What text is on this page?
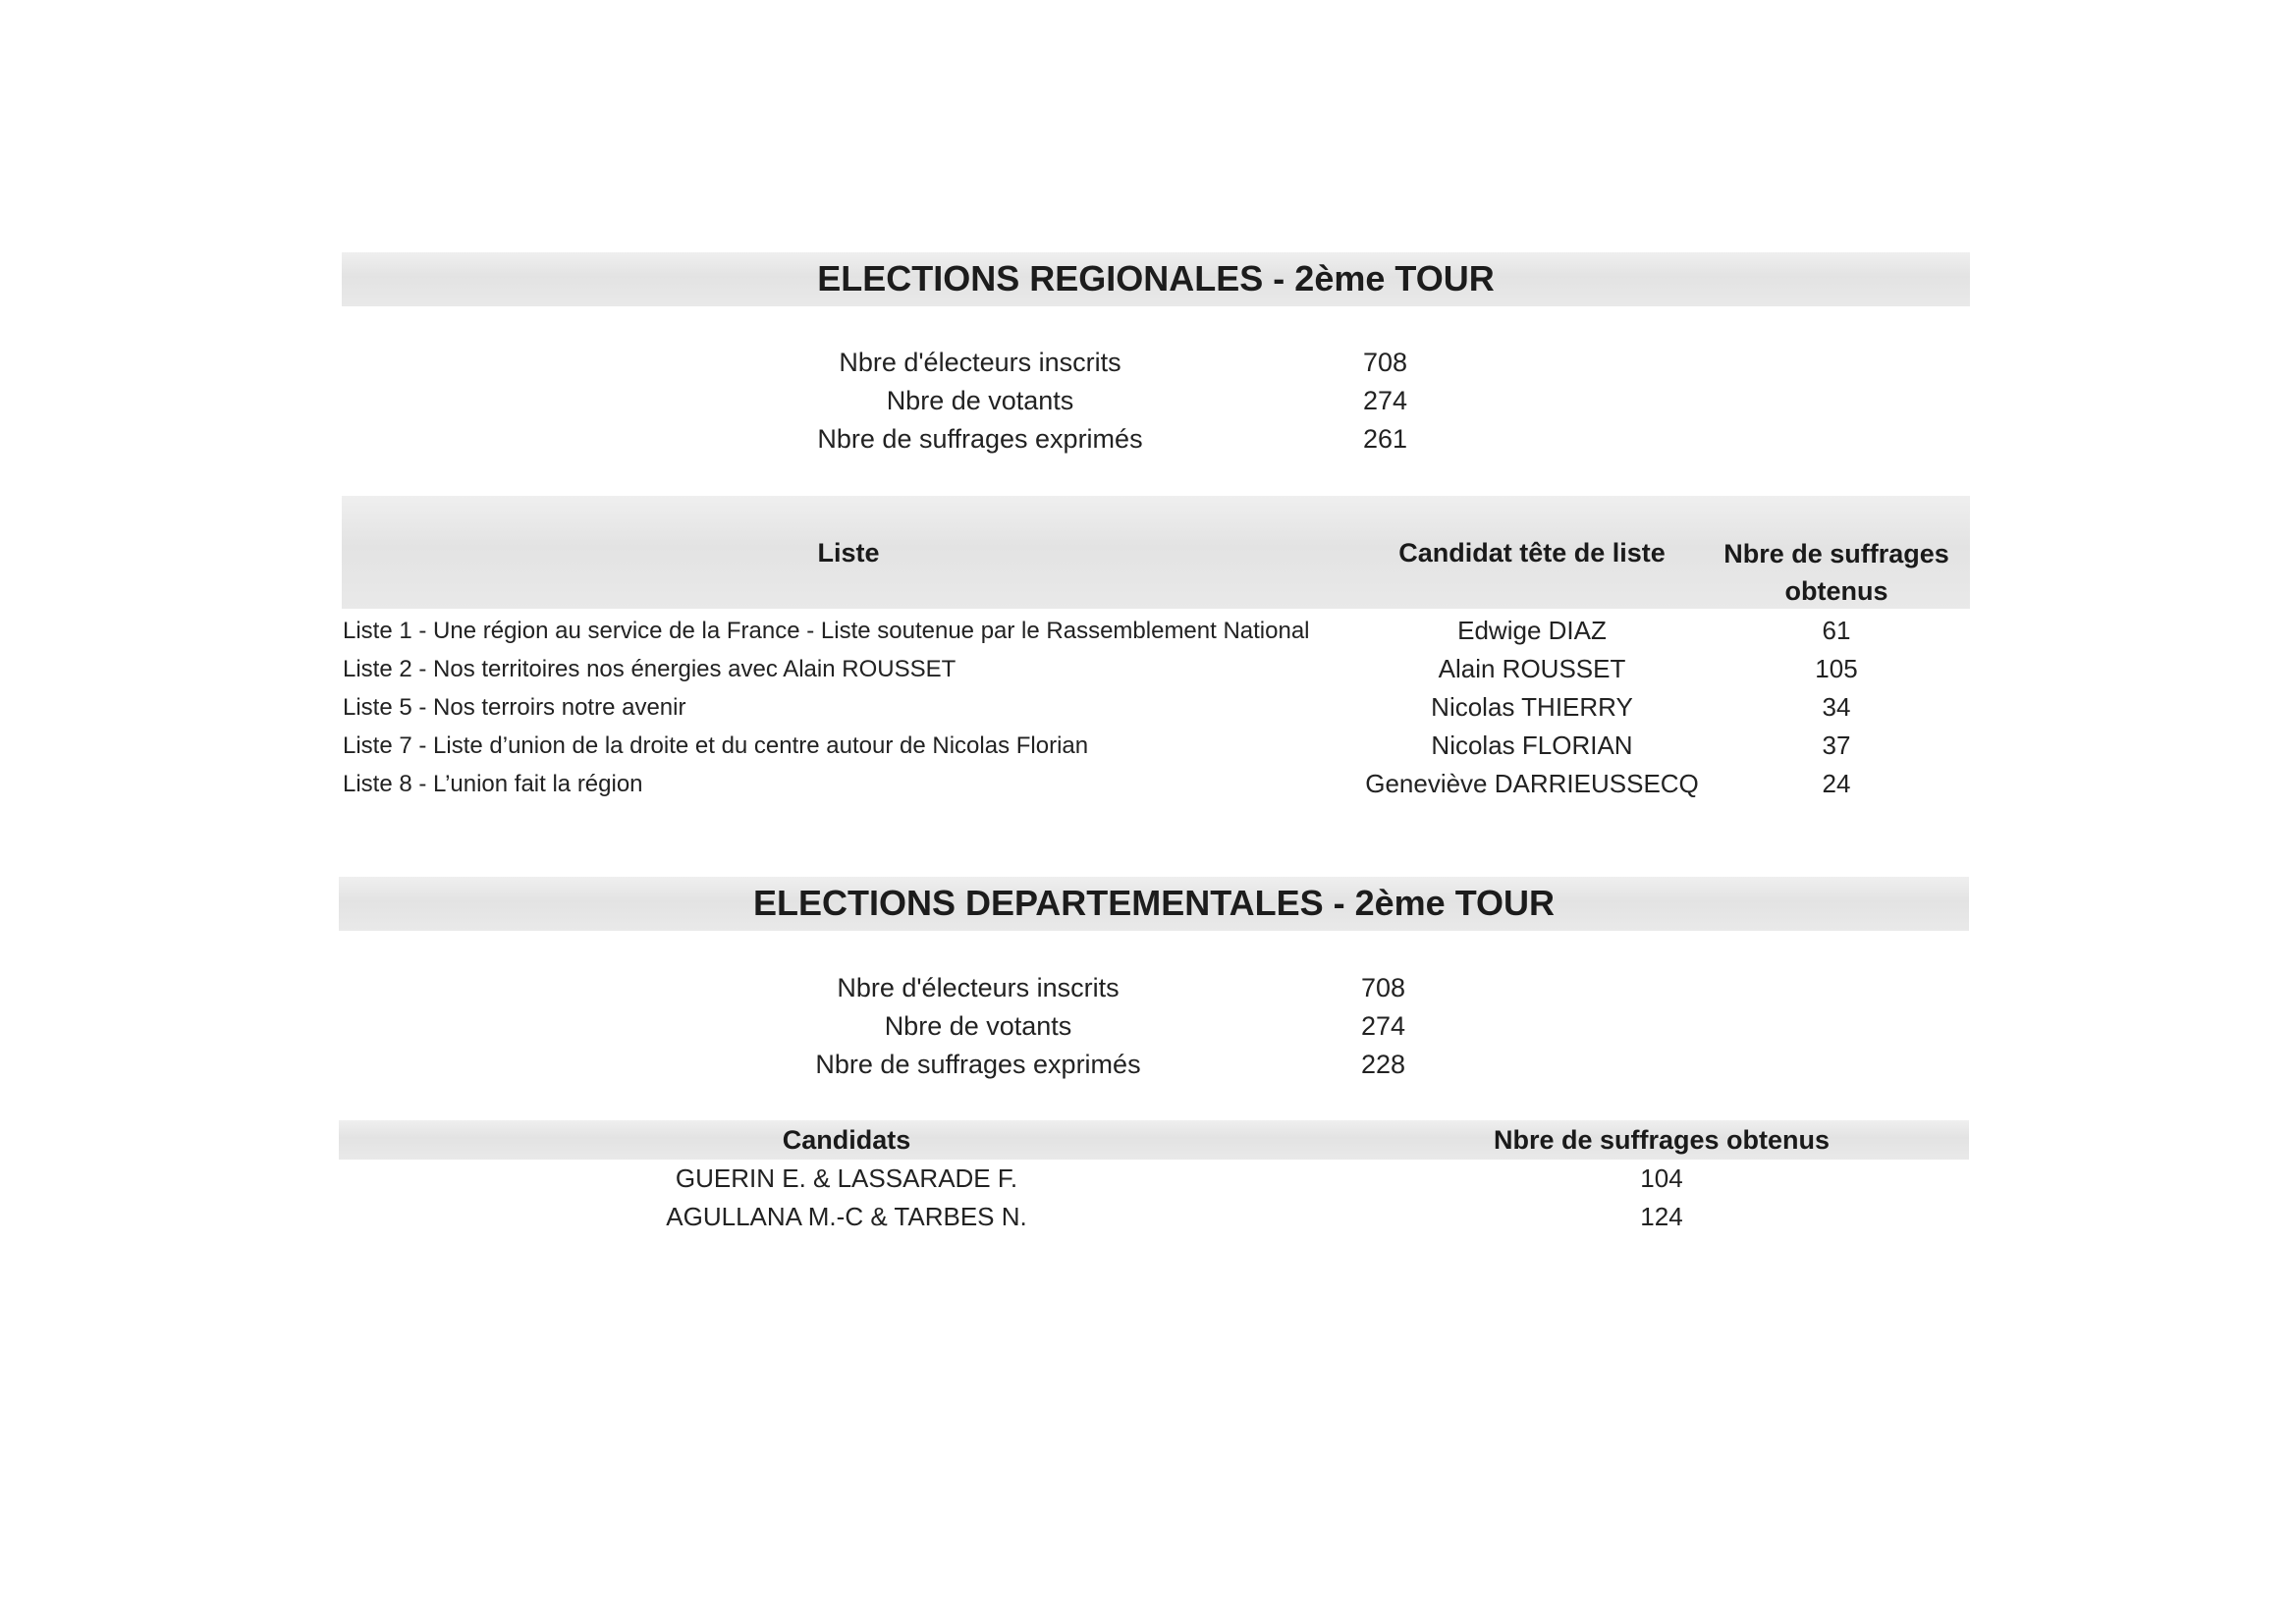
ELECTIONS REGIONALES - 2ème TOUR
Nbre d'électeurs inscrits	708
Nbre de votants	274
Nbre de suffrages exprimés	261
Liste	Candidat tête de liste	Nbre de suffrages
obtenus
Liste 1 - Une région au service de la France - Liste soutenue par le Rassemblement National	Edwige DIAZ	61
Liste 2 - Nos territoires nos énergies avec Alain ROUSSET	Alain ROUSSET	105
Liste 5 - Nos terroirs notre avenir	Nicolas THIERRY	34
Liste 7 - Liste d’union de la droite et du centre autour de Nicolas Florian	Nicolas FLORIAN	37
Liste 8 - L’union fait la région	Geneviève DARRIEUSSECQ	24
ELECTIONS DEPARTEMENTALES - 2ème TOUR
Nbre d'électeurs inscrits	708
Nbre de votants	274
Nbre de suffrages exprimés	228
Candidats	Nbre de suffrages obtenus
GUERIN E. & LASSARADE F.	104
AGULLANA M.-C & TARBES N.	124
